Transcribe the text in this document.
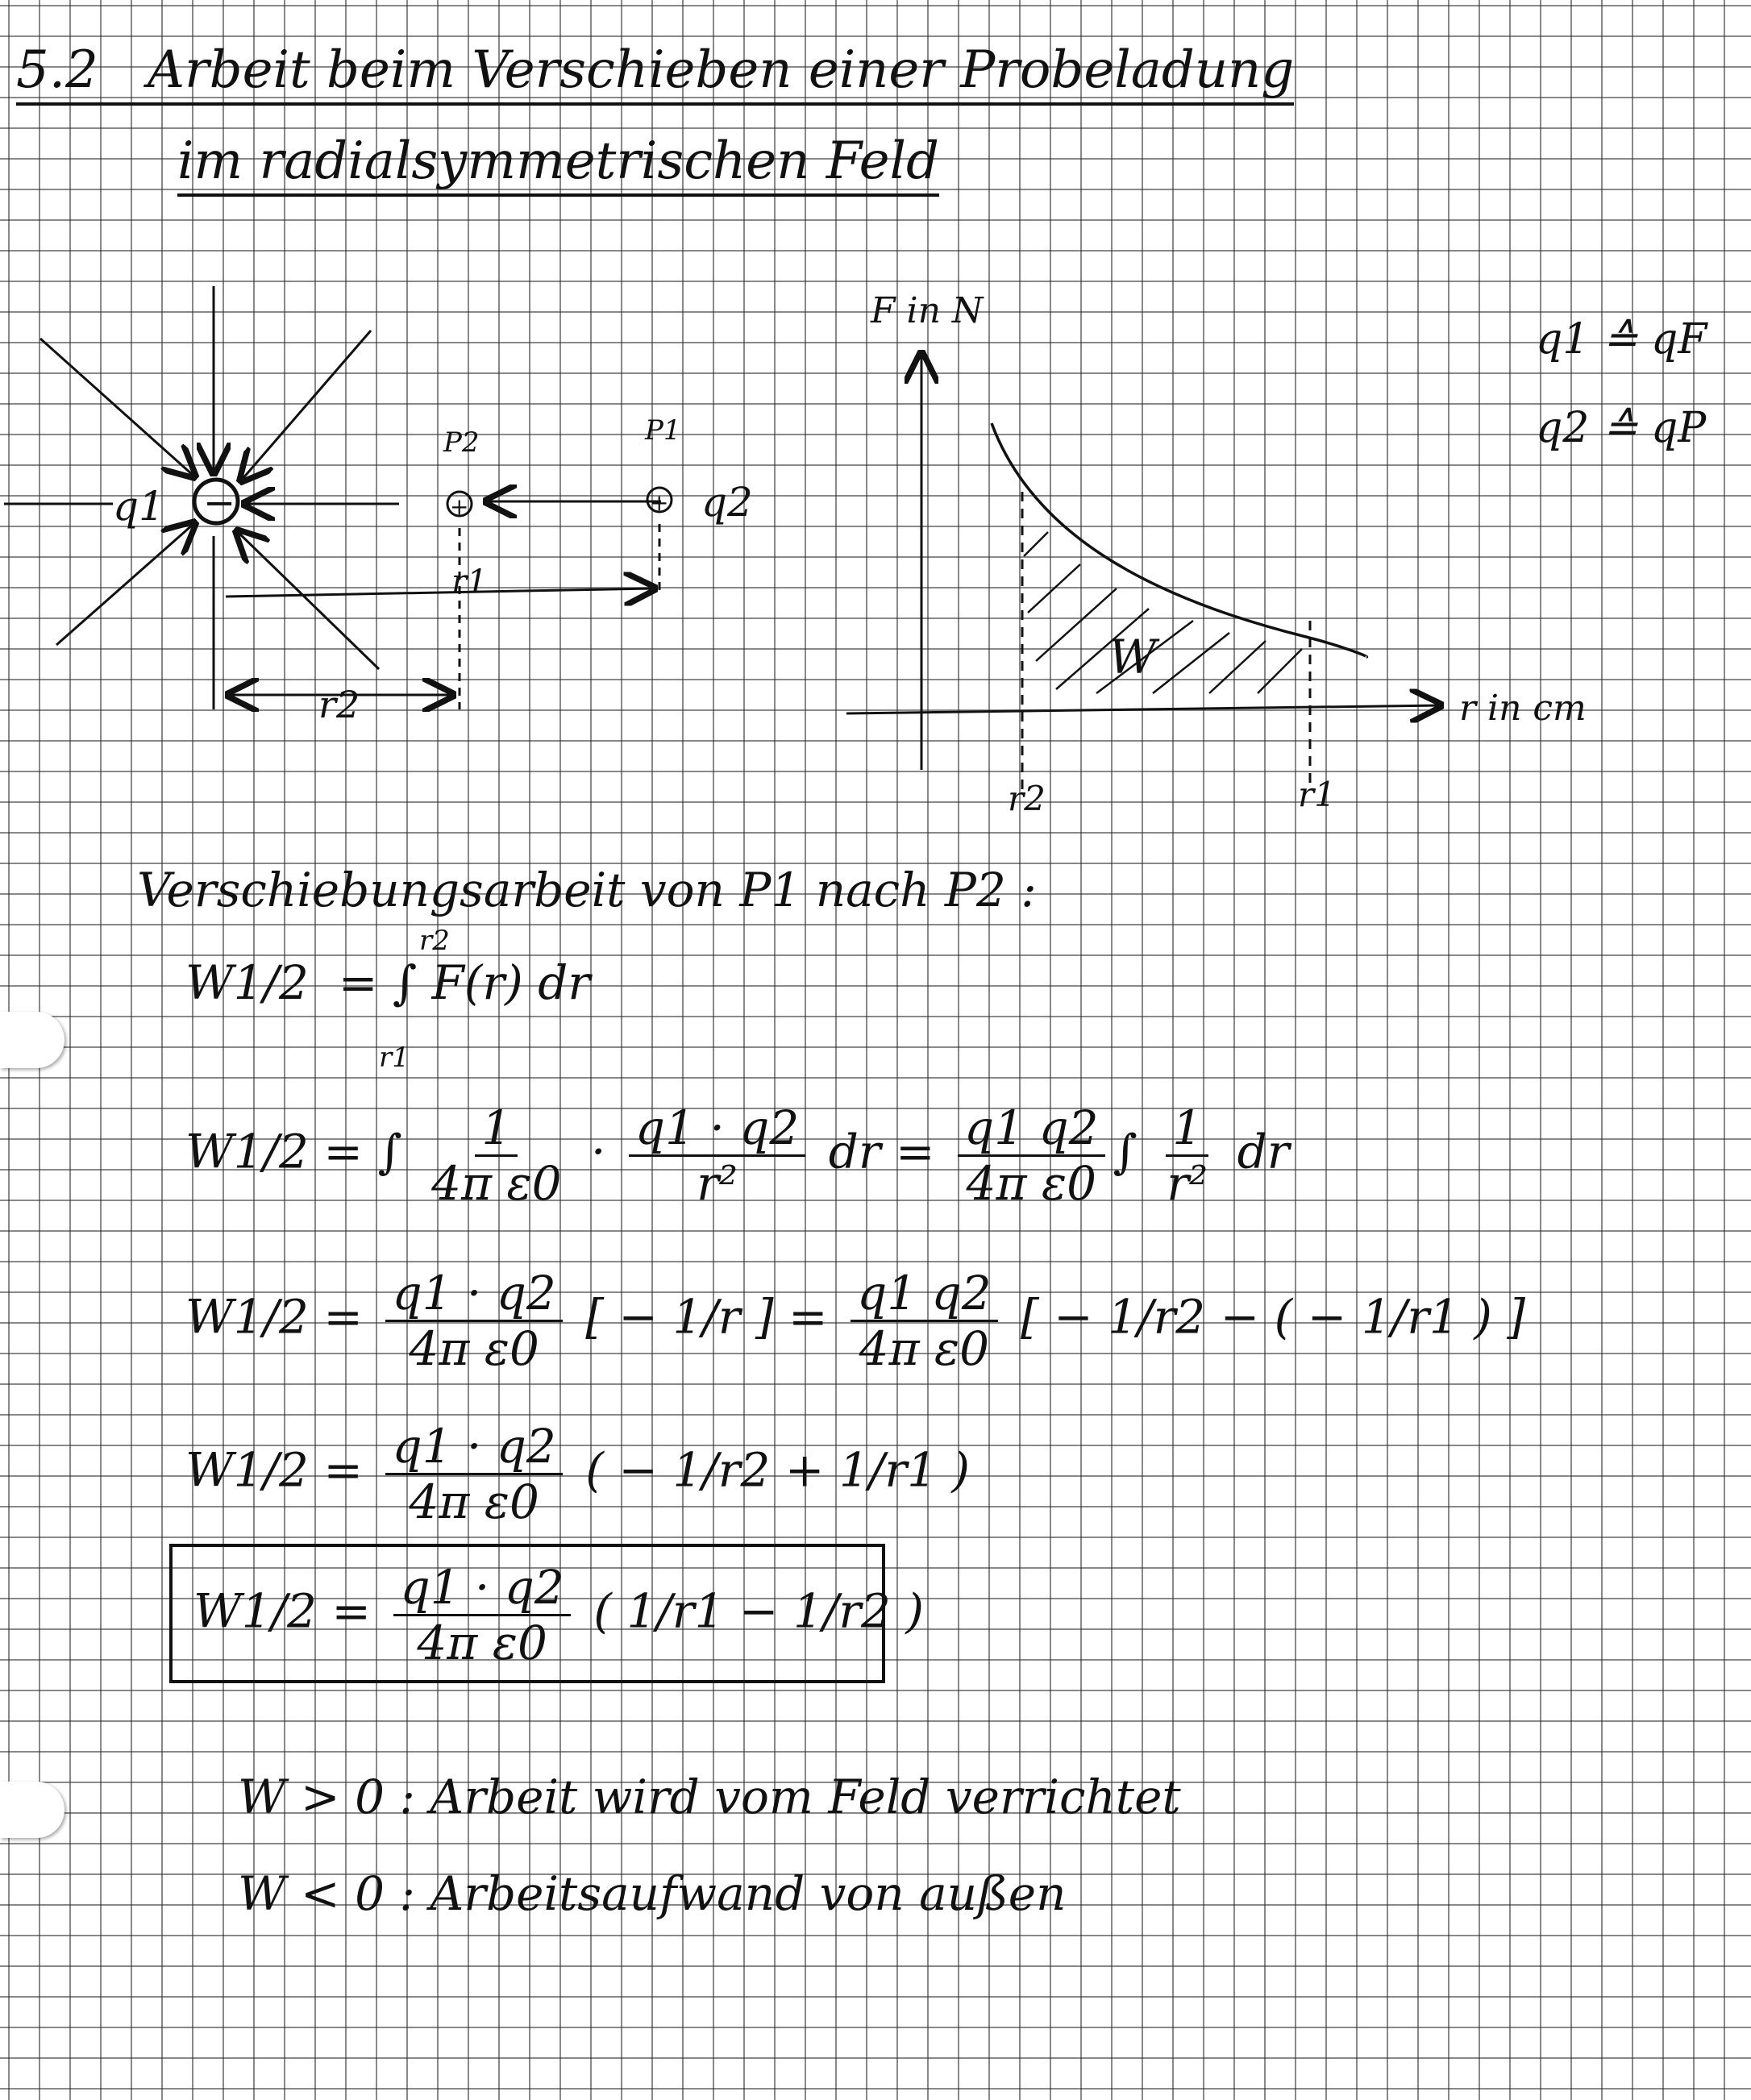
5.2 Arbeit beim Verschieben einer Probeladung
im radialsymmetrischen Feld
q1 ≙ qF
q2 ≙ qP
−
q1	+
P2
+
P1
q2
r1
r2
W
F in N
r in cm
r2	r1
Verschiebungsarbeit von P1 nach P2 :
W1/2 = ∫ F(r) dr
r2
r1
W1/2 = ∫ $\frac{1}{\text{4π ε0}} \cdot \frac{q1 \cdot q2}{\text{r²}}$ dr = $\frac{q1 q2}{\text{4π ε0}}$ ∫ $\frac{1}{\text{r²}}$ dr
$W1/2 = \frac{q1 \cdot q2}{\text{4π ε0}}$ [ − 1/r ] = $\frac{q1 q2}{\text{4π ε0}}$ [ − 1/r2 − ( − 1/r1 ) ]
$W1/2 = \frac{q1 \cdot q2}{\text{4π ε0}}$ ( − 1/r2 + 1/r1 )
$W1/2 = \frac{q1 \cdot q2}{\text{4π ε0}}$ ( 1/r1 − 1/r2 )
W > 0 : Arbeit wird vom Feld verrichtet
W < 0 : Arbeitsaufwand von außen
